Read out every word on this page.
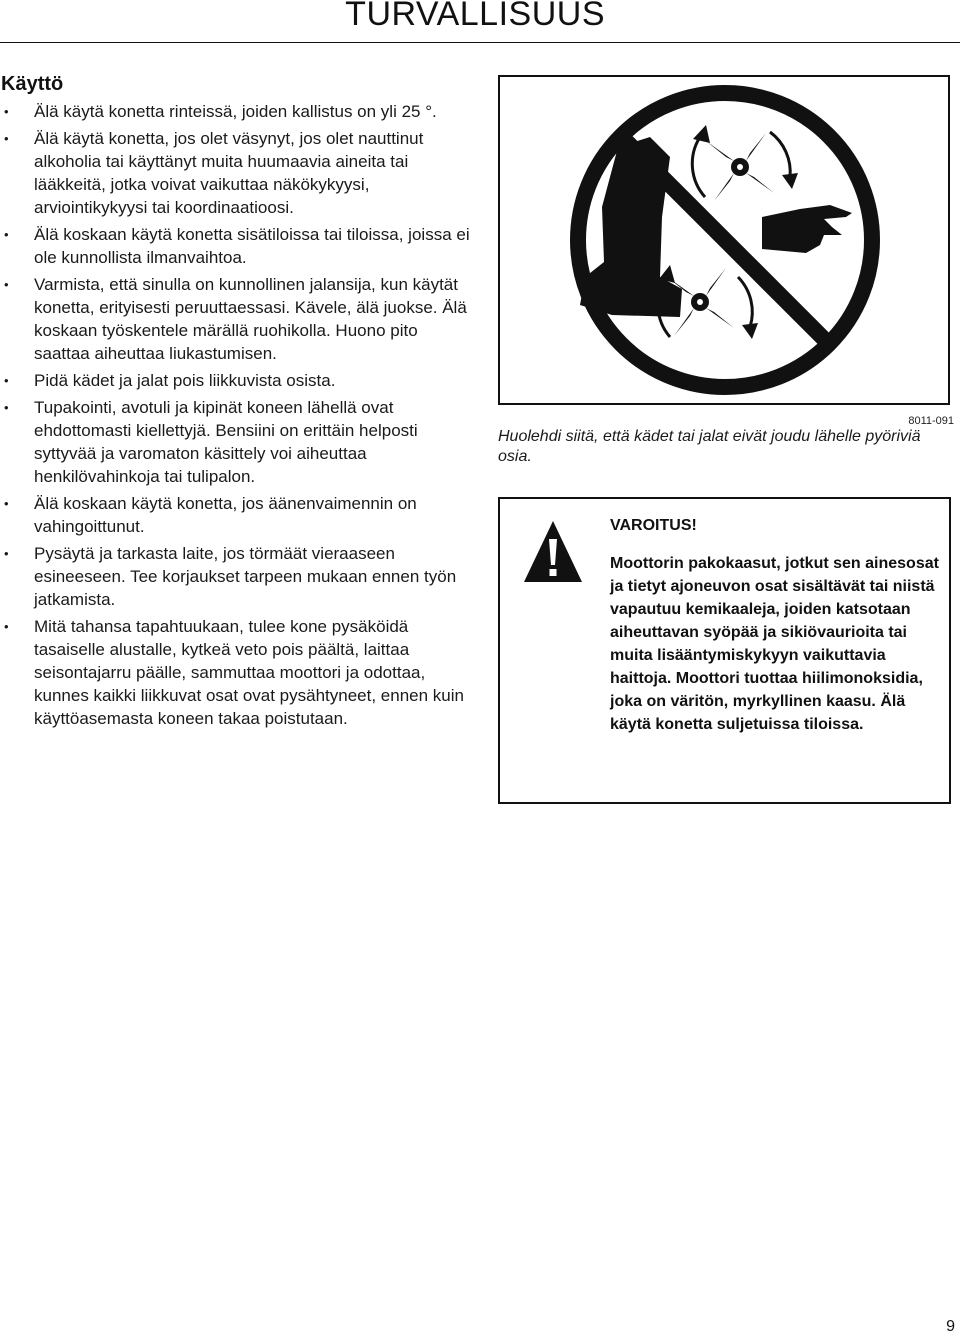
TURVALLISUUS
Käyttö
• Älä käytä konetta rinteissä, joiden kallistus on yli 25 °.
• Älä käytä konetta, jos olet väsynyt, jos olet nauttinut alkoholia tai käyttänyt muita huumaavia aineita tai lääkkeitä, jotka voivat vaikuttaa näkökykyysi, arviointikykyysi tai koordinaatioosi.
• Älä koskaan käytä konetta sisätiloissa tai tiloissa, joissa ei ole kunnollista ilmanvaihtoa.
• Varmista, että sinulla on kunnollinen jalansija, kun käytät konetta, erityisesti peruuttaessasi. Kävele, älä juokse. Älä koskaan työskentele märällä ruohikolla. Huono pito saattaa aiheuttaa liukastumisen.
• Pidä kädet ja jalat pois liikkuvista osista.
• Tupakointi, avotuli ja kipinät koneen lähellä ovat ehdottomasti kiellettyjä. Bensiini on erittäin helposti syttyvää ja varomaton käsittely voi aiheuttaa henkilövahinkoja tai tulipalon.
• Älä koskaan käytä konetta, jos äänenvaimennin on vahingoittunut.
• Pysäytä ja tarkasta laite, jos törmäät vieraaseen esineeseen. Tee korjaukset tarpeen mukaan ennen työn jatkamista.
• Mitä tahansa tapahtuukaan, tulee kone pysäköidä tasaiselle alustalle, kytkeä veto pois päältä, laittaa seisontajarru päälle, sammuttaa moottori ja odottaa, kunnes kaikki liikkuvat osat ovat pysähtyneet, ennen kuin käyttöasemasta koneen takaa poistutaan.
8011-091
Huolehdi siitä, että kädet tai jalat eivät joudu lähelle pyöriviä osia.
VAROITUS!
Moottorin pakokaasut, jotkut sen ainesosat ja tietyt ajoneuvon osat sisältävät tai niistä vapautuu kemikaaleja, joiden katsotaan aiheuttavan syöpää ja sikiövaurioita tai muita lisääntymiskykyyn vaikuttavia haittoja. Moottori tuottaa hiilimonoksidia, joka on väritön, myrkyllinen kaasu. Älä käytä konetta suljetuissa tiloissa.
9
